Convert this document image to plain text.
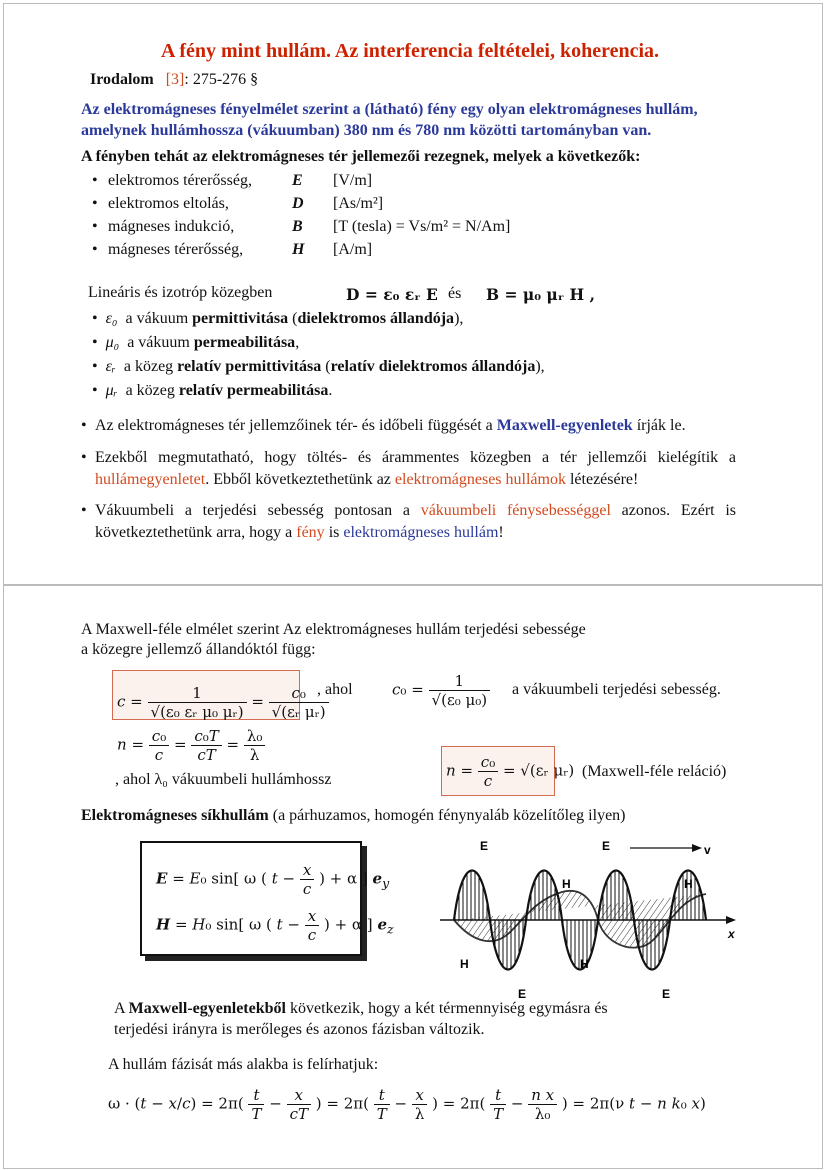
A fény mint hullám. Az interferencia feltételei, koherencia.
Irodalom [3]: 275-276 §
Az elektromágneses fényelmélet szerint a (látható) fény egy olyan elektromágneses hullám,
amelynek hullámhossza (vákuumban) 380 nm és 780 nm közötti tartományban van.
A fényben tehát az elektromágneses tér jellemezői rezegnek, melyek a következők:
• elektromos térerősség,	E [V/m]
• elektromos eltolás,	D [As/m²]
• mágneses indukció,	B [T (tesla) = Vs/m² = N/Am]
• mágneses térerősség,	H [A/m]
Lineáris és izotróp közegben	D = ε₀ εᵣ E és B = μ₀ μᵣ H ,
•  ε₀ a vákuum permittivitása (dielektromos állandója),
•  μ₀ a vákuum permeabilitása,
•  εᵣ a közeg relatív permittivitása (relatív dielektromos állandója),
•  μᵣ a közeg relatív permeabilitása.
• Az elektromágneses tér jellemzőinek tér- és időbeli függését a Maxwell-egyenletek írják le.
• Ezekből megmutatható, hogy töltés- és árammentes közegben a tér jellemzői kielégítik a hullámegyenletet. Ebből következtethetünk az elektromágneses hullámok létezésére!
• Vákuumbeli a terjedési sebesség pontosan a vákuumbeli fénysebességgel azonos. Ezért is következtethetünk arra, hogy a fény is elektromágneses hullám!
A Maxwell-féle elmélet szerint Az elektromágneses hullám terjedési sebessége
a közegre jellemző állandóktól függ:
$c = \frac{1}{\text{√(ε₀ εᵣ μ₀ μᵣ)}} = \frac{\text{c₀}}{\text{√(εᵣ μᵣ)}}$
, ahol	$c_0 = \frac{1}{\text{√(ε₀ μ₀)}}$ a vákuumbeli terjedési sebesség.
$n = \frac{\text{c₀}}{c} = \frac{\text{c₀T}}{cT} = \frac{\text{λ₀}}{\lambda}$
, ahol λ₀ vákuumbeli hullámhossz	$n = \frac{\text{c₀}}{c}$ = √(εᵣ μᵣ) (Maxwell-féle reláció)
Elektromágneses síkhullám (a párhuzamos, homogén fénynyaláb közelítőleg ilyen)
E = E₀ sin[ ω ( $t - \frac{x}{c}$ ) + α ] $e_y$
H = H₀ sin[ ω ( $t - \frac{x}{c}$ ) + α ] $e_z$
E	E
H	H
H	H
E	E
v
x
A Maxwell-egyenletekből következik, hogy a két térmennyiség egymásra és
terjedési irányra is merőleges és azonos fázisban változik.
A hullám fázisát más alakba is felírhatjuk:
$\omega \cdot (t - x/c) = 2\pi( \frac{t}{T} - \frac{x}{cT}$ ) = $2\pi( \frac{t}{T} - \frac{x}{\lambda}$ ) = $2\pi( \frac{t}{T} - \frac{\text{n x}}{\text{λ₀}}$ ) = 2π(ν t − n k₀ x)
